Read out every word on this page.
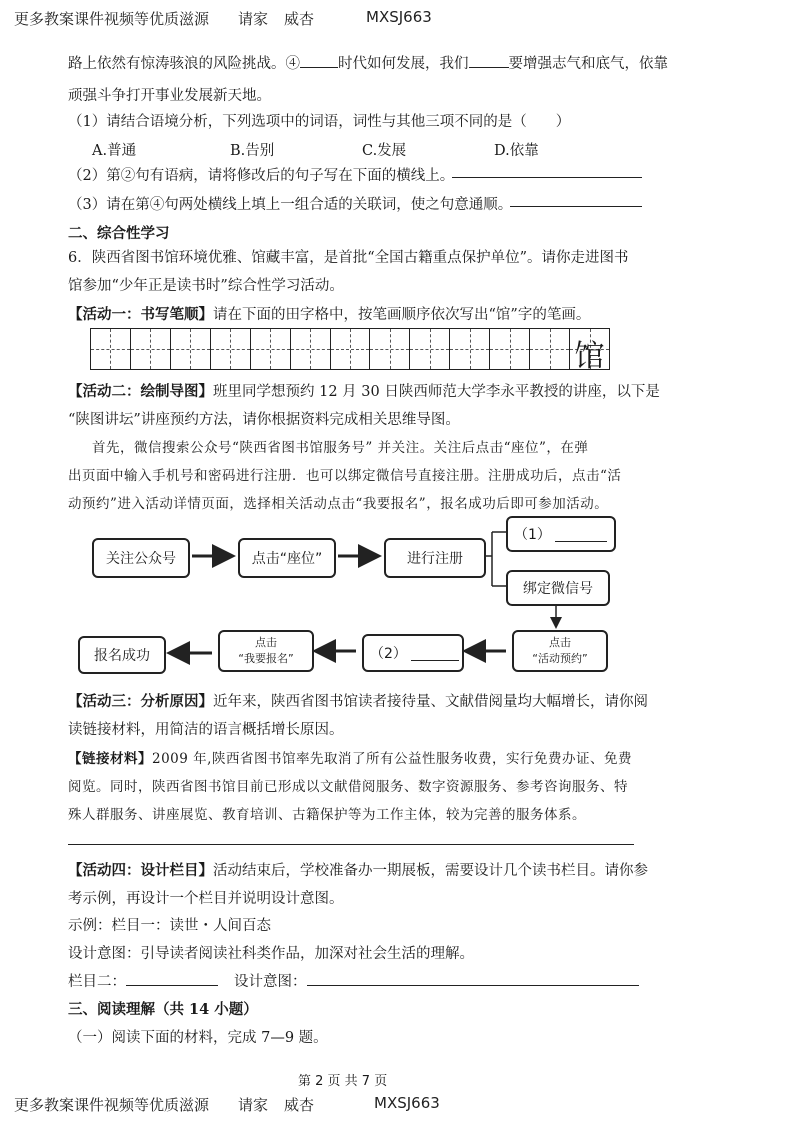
更多教案课件视频等优质滋源 请家 威杏	MXSJ663
路上依然有惊涛骇浪的风险挑战。④	时代如何发展，我们	要增强志气和底气，依靠
顽强斗争打开事业发展新天地。
（1）请结合语境分析，下列选项中的词语，词性与其他三项不同的是（　　）
A.普通	B.告别	C.发展	D.依靠
（2）第②句有语病，请将修改后的句子写在下面的横线上。
（3）请在第④句两处横线上填上一组合适的关联词，使之句意通顺。
二、综合性学习
6．陕西省图书馆环境优雅、馆藏丰富，是首批“全国古籍重点保护单位”。请你走进图书
馆参加“少年正是读书时”综合性学习活动。
【活动一：书写笔顺】请在下面的田字格中，按笔画顺序依次写出“馆”字的笔画。
馆
【活动二：绘制导图】班里同学想预约 12 月 30 日陕西师范大学李永平教授的讲座，以下是
“陕图讲坛”讲座预约方法，请你根据资料完成相关思维导图。
首先，微信搜索公众号“陕西省图书馆服务号” 并关注。关注后点击“座位”，在弹
出页面中输入手机号和密码进行注册．也可以绑定微信号直接注册。注册成功后，点击“活
动预约”进入活动详情页面，选择相关活动点击“我要报名”，报名成功后即可参加活动。
关注公众号	点击“座位”	进行注册
（1）
绑定微信号
点击
“活动预约”
（2）
点击
“我要报名”
报名成功
【活动三：分析原因】近年来，陕西省图书馆读者接待量、文献借阅量均大幅增长，请你阅
读链接材料，用简洁的语言概括增长原因。
【链接材料】2009 年,陕西省图书馆率先取消了所有公益性服务收费，实行免费办证、免费
阅览。同时，陕西省图书馆目前已形成以文献借阅服务、数字资源服务、参考咨询服务、特
殊人群服务、讲座展览、教育培训、古籍保护等为工作主体，较为完善的服务体系。
【活动四：设计栏目】活动结束后，学校准备办一期展板，需要设计几个读书栏目。请你参
考示例，再设计一个栏目并说明设计意图。
示例：栏目一：读世・人间百态
设计意图：引导读者阅读社科类作品，加深对社会生活的理解。
栏目二：	设计意图：
三、阅读理解（共 14 小题）
（一）阅读下面的材料，完成 7—9 题。
第 2 页 共 7 页
更多教案课件视频等优质滋源 请家 威杏	MXSJ663
